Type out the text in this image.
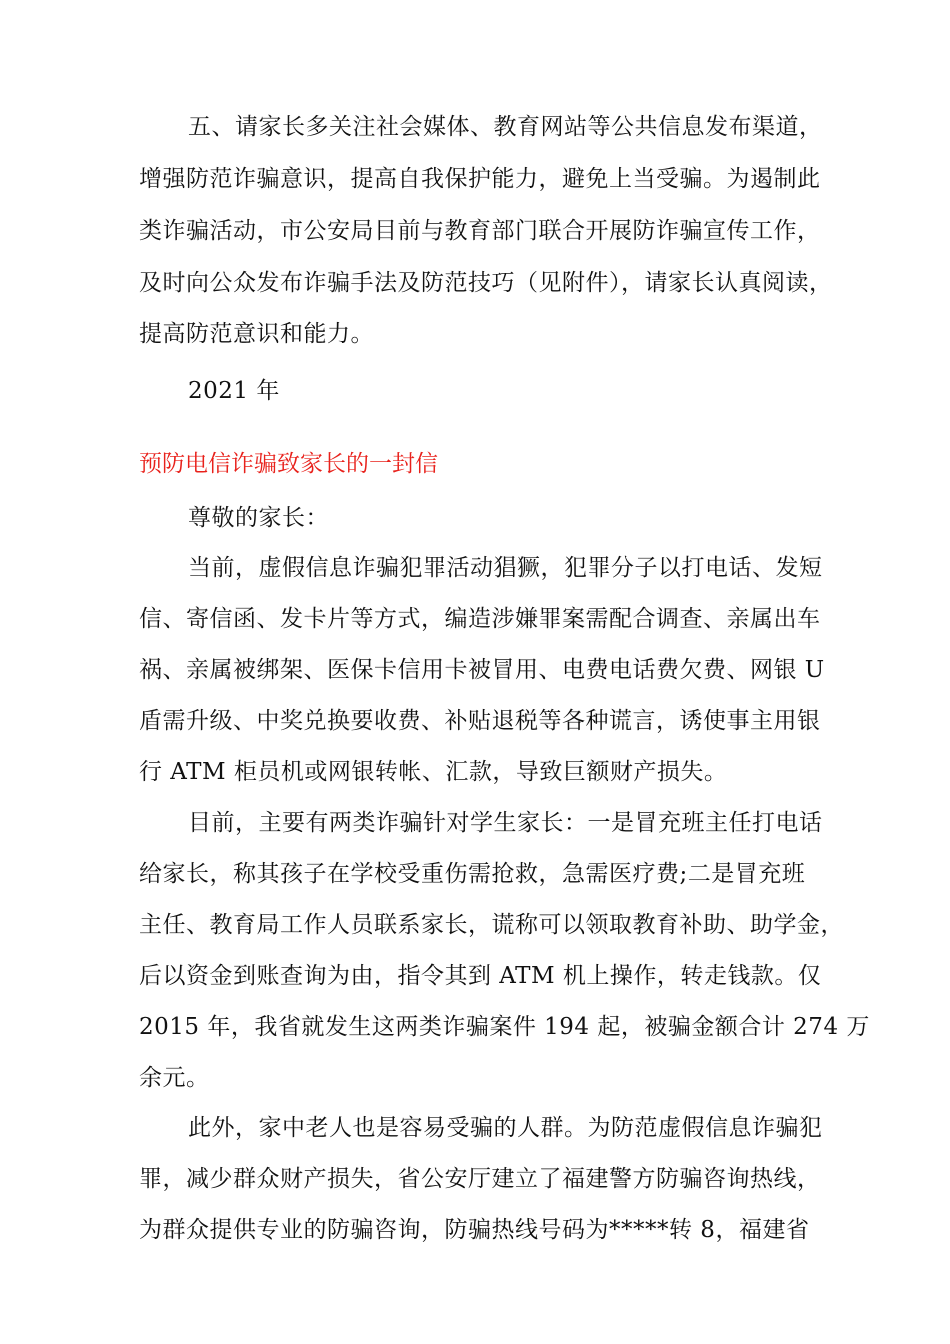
五、请家长多关注社会媒体、教育网站等公共信息发布渠道，
增强防范诈骗意识，提高自我保护能力，避免上当受骗。为遏制此
类诈骗活动，市公安局目前与教育部门联合开展防诈骗宣传工作，
及时向公众发布诈骗手法及防范技巧（见附件），请家长认真阅读，
提高防范意识和能力。
2021 年
预防电信诈骗致家长的一封信
尊敬的家长：
当前，虚假信息诈骗犯罪活动猖獗，犯罪分子以打电话、发短
信、寄信函、发卡片等方式，编造涉嫌罪案需配合调查、亲属出车
祸、亲属被绑架、医保卡信用卡被冒用、电费电话费欠费、网银 U
盾需升级、中奖兑换要收费、补贴退税等各种谎言，诱使事主用银
行 ATM 柜员机或网银转帐、汇款，导致巨额财产损失。
目前，主要有两类诈骗针对学生家长：一是冒充班主任打电话
给家长，称其孩子在学校受重伤需抢救，急需医疗费;二是冒充班
主任、教育局工作人员联系家长，谎称可以领取教育补助、助学金，
后以资金到账查询为由，指令其到 ATM 机上操作，转走钱款。仅
2015 年，我省就发生这两类诈骗案件 194 起，被骗金额合计 274 万
余元。
此外，家中老人也是容易受骗的人群。为防范虚假信息诈骗犯
罪，减少群众财产损失，省公安厅建立了福建警方防骗咨询热线，
为群众提供专业的防骗咨询，防骗热线号码为*****转 8，福建省
